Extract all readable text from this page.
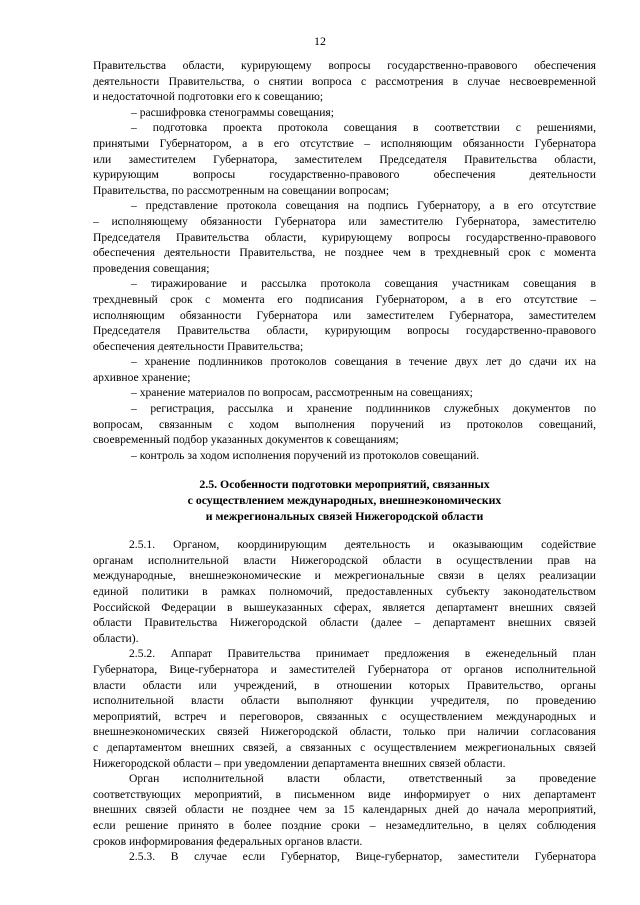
12
Правительства области, курирующему вопросы государственно-правового обеспечения
деятельности Правительства, о снятии вопроса с рассмотрения в случае несвоевременной
и недостаточной подготовки его к совещанию;
– расшифровка стенограммы совещания;
– подготовка проекта протокола совещания в соответствии с решениями,
принятыми Губернатором, а в его отсутствие – исполняющим обязанности Губернатора
или заместителем Губернатора, заместителем Председателя Правительства области,
курирующим вопросы государственно-правового обеспечения деятельности
Правительства, по рассмотренным на совещании вопросам;
– представление протокола совещания на подпись Губернатору, а в его отсутствие
– исполняющему обязанности Губернатора или заместителю Губернатора, заместителю
Председателя Правительства области, курирующему вопросы государственно-правового
обеспечения деятельности Правительства, не позднее чем в трехдневный срок с момента
проведения совещания;
– тиражирование и рассылка протокола совещания участникам совещания в
трехдневный срок с момента его подписания Губернатором, а в его отсутствие –
исполняющим обязанности Губернатора или заместителем Губернатора, заместителем
Председателя Правительства области, курирующим вопросы государственно-правового
обеспечения деятельности Правительства;
– хранение подлинников протоколов совещания в течение двух лет до сдачи их на
архивное хранение;
– хранение материалов по вопросам, рассмотренным на совещаниях;
– регистрация, рассылка и хранение подлинников служебных документов по
вопросам, связанным с ходом выполнения поручений из протоколов совещаний,
своевременный подбор указанных документов к совещаниям;
– контроль за ходом исполнения поручений из протоколов совещаний.
2.5. Особенности подготовки мероприятий, связанных
с осуществлением международных, внешнеэкономических
и межрегиональных связей Нижегородской области
2.5.1. Органом, координирующим деятельность и оказывающим содействие
органам исполнительной власти Нижегородской области в осуществлении прав на
международные, внешнеэкономические и межрегиональные связи в целях реализации
единой политики в рамках полномочий, предоставленных субъекту законодательством
Российской Федерации в вышеуказанных сферах, является департамент внешних связей
области Правительства Нижегородской области (далее – департамент внешних связей
области).
2.5.2. Аппарат Правительства принимает предложения в еженедельный план
Губернатора, Вице-губернатора и заместителей Губернатора от органов исполнительной
власти области или учреждений, в отношении которых Правительство, органы
исполнительной власти области выполняют функции учредителя, по проведению
мероприятий, встреч и переговоров, связанных с осуществлением международных и
внешнеэкономических связей Нижегородской области, только при наличии согласования
с департаментом внешних связей, а связанных с осуществлением межрегиональных связей
Нижегородской области – при уведомлении департамента внешних связей области.
Орган исполнительной власти области, ответственный за проведение
соответствующих мероприятий, в письменном виде информирует о них департамент
внешних связей области не позднее чем за 15 календарных дней до начала мероприятий,
если решение принято в более поздние сроки – незамедлительно, в целях соблюдения
сроков информирования федеральных органов власти.
2.5.3. В случае если Губернатор, Вице-губернатор, заместители Губернатора
